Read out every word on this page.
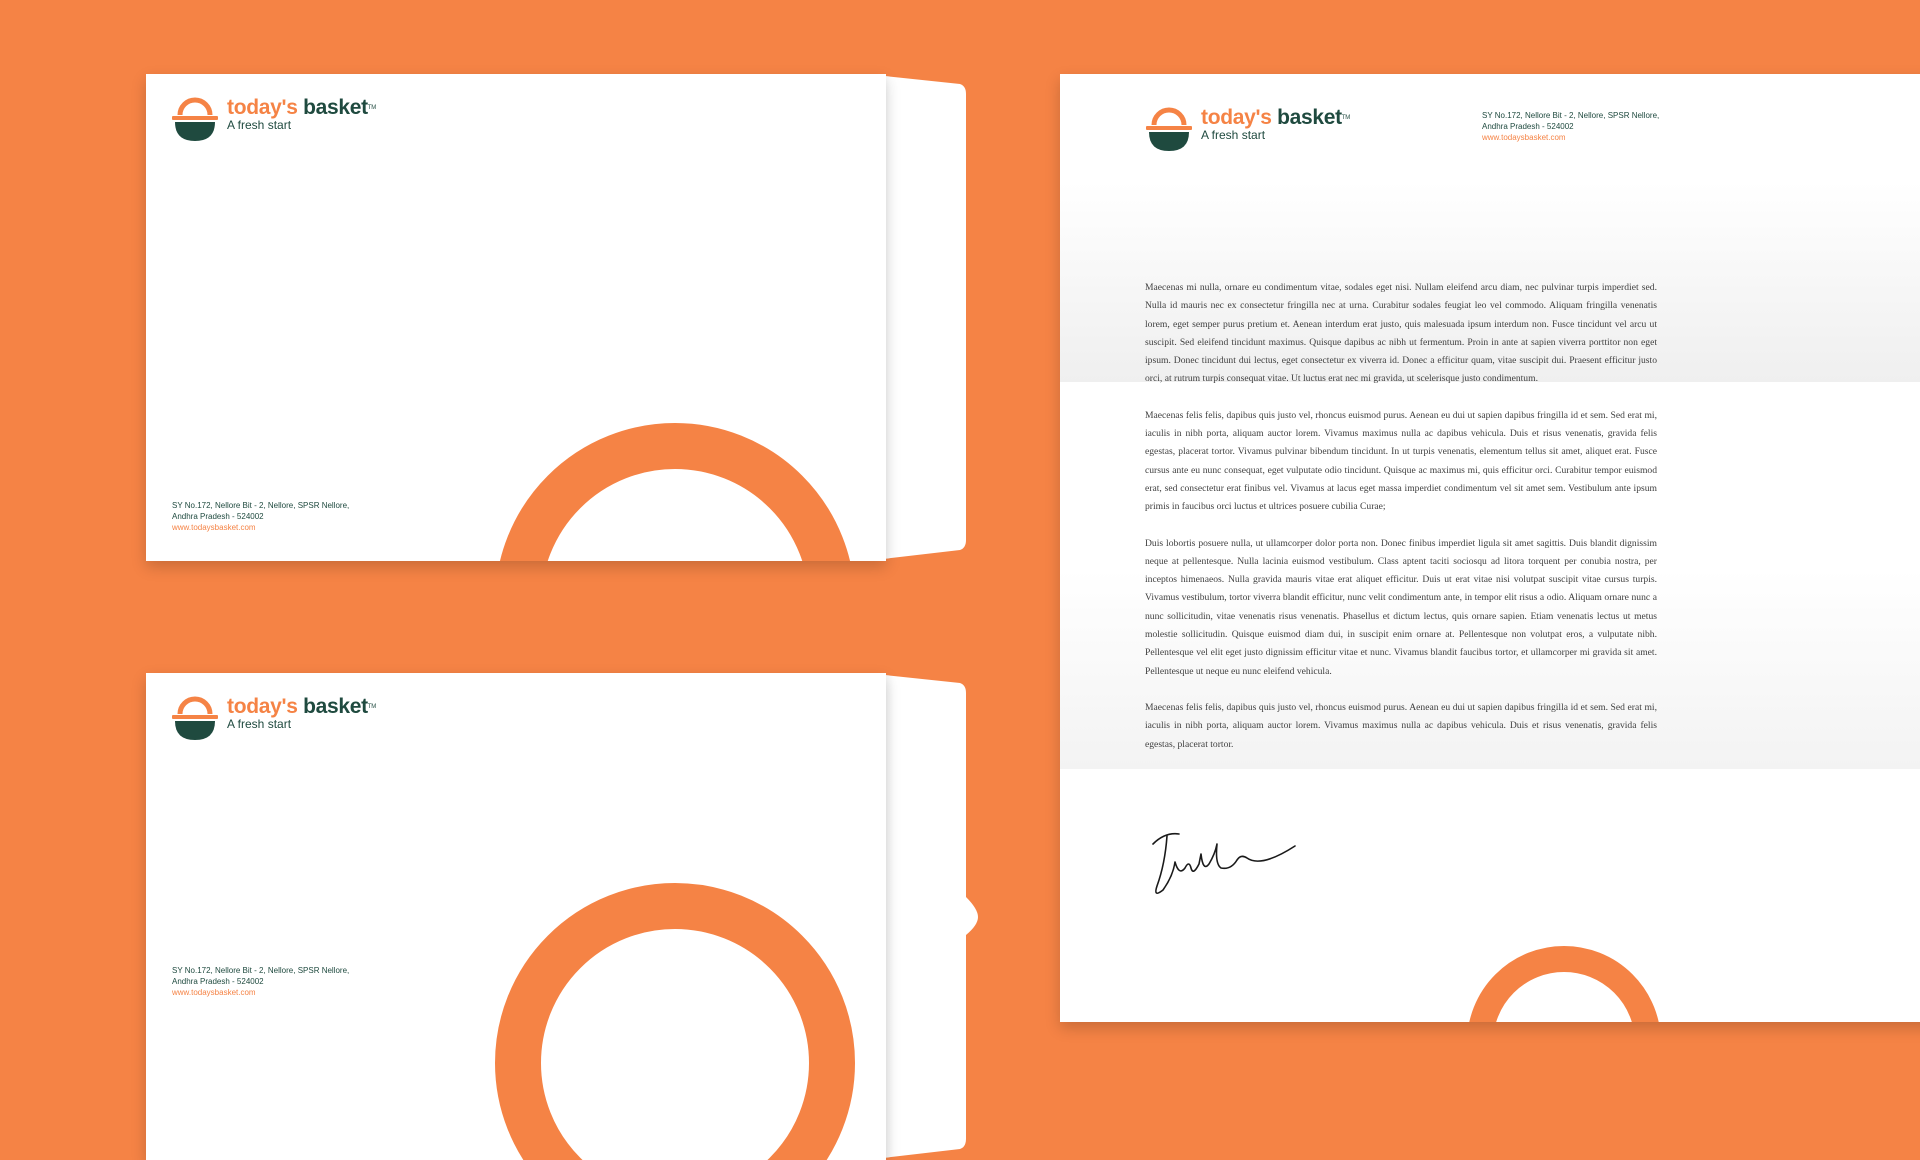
today's basket™
A fresh start
SY No.172, Nellore Bit - 2, Nellore, SPSR Nellore,
Andhra Pradesh - 524002
www.todaysbasket.com
today's basket™
A fresh start
SY No.172, Nellore Bit - 2, Nellore, SPSR Nellore,
Andhra Pradesh - 524002
www.todaysbasket.com
today's basket™
A fresh start
SY No.172, Nellore Bit - 2, Nellore, SPSR Nellore,
Andhra Pradesh - 524002
www.todaysbasket.com

Maecenas mi nulla, ornare eu condimentum vitae, sodales eget nisi. Nullam eleifend arcu diam, nec pulvinar turpis imperdiet sed. Nulla id mauris nec ex consectetur fringilla nec at urna. Curabitur sodales feugiat leo vel commodo. Aliquam fringilla venenatis lorem, eget semper purus pretium et. Aenean interdum erat justo, quis malesuada ipsum interdum non. Fusce tincidunt vel arcu ut suscipit. Sed eleifend tincidunt maximus. Quisque dapibus ac nibh ut fermentum. Proin in ante at sapien viverra porttitor non eget ipsum. Donec tincidunt dui lectus, eget consectetur ex viverra id. Donec a efficitur quam, vitae suscipit dui. Praesent efficitur justo orci, at rutrum turpis consequat vitae. Ut luctus erat nec mi gravida, ut scelerisque justo condimentum.

Maecenas felis felis, dapibus quis justo vel, rhoncus euismod purus. Aenean eu dui ut sapien dapibus fringilla id et sem. Sed erat mi, iaculis in nibh porta, aliquam auctor lorem. Vivamus maximus nulla ac dapibus vehicula. Duis et risus venenatis, gravida felis egestas, placerat tortor. Vivamus pulvinar bibendum tincidunt. In ut turpis venenatis, elementum tellus sit amet, aliquet erat. Fusce cursus ante eu nunc consequat, eget vulputate odio tincidunt. Quisque ac maximus mi, quis efficitur orci. Curabitur tempor euismod erat, sed consectetur erat finibus vel. Vivamus at lacus eget massa imperdiet condimentum vel sit amet sem. Vestibulum ante ipsum primis in faucibus orci luctus et ultrices posuere cubilia Curae;

Duis lobortis posuere nulla, ut ullamcorper dolor porta non. Donec finibus imperdiet ligula sit amet sagittis. Duis blandit dignissim neque at pellentesque. Nulla lacinia euismod vestibulum. Class aptent taciti sociosqu ad litora torquent per conubia nostra, per inceptos himenaeos. Nulla gravida mauris vitae erat aliquet efficitur. Duis ut erat vitae nisi volutpat suscipit vitae cursus turpis. Vivamus vestibulum, tortor viverra blandit efficitur, nunc velit condimentum ante, in tempor elit risus a odio. Aliquam ornare nunc a nunc sollicitudin, vitae venenatis risus venenatis. Phasellus et dictum lectus, quis ornare sapien. Etiam venenatis lectus ut metus molestie sollicitudin. Quisque euismod diam dui, in suscipit enim ornare at. Pellentesque non volutpat eros, a vulputate nibh. Pellentesque vel elit eget justo dignissim efficitur vitae et nunc. Vivamus blandit faucibus tortor, et ullamcorper mi gravida sit amet. Pellentesque ut neque eu nunc eleifend vehicula.

Maecenas felis felis, dapibus quis justo vel, rhoncus euismod purus. Aenean eu dui ut sapien dapibus fringilla id et sem. Sed erat mi, iaculis in nibh porta, aliquam auctor lorem. Vivamus maximus nulla ac dapibus vehicula. Duis et risus venenatis, gravida felis egestas, placerat tortor.
